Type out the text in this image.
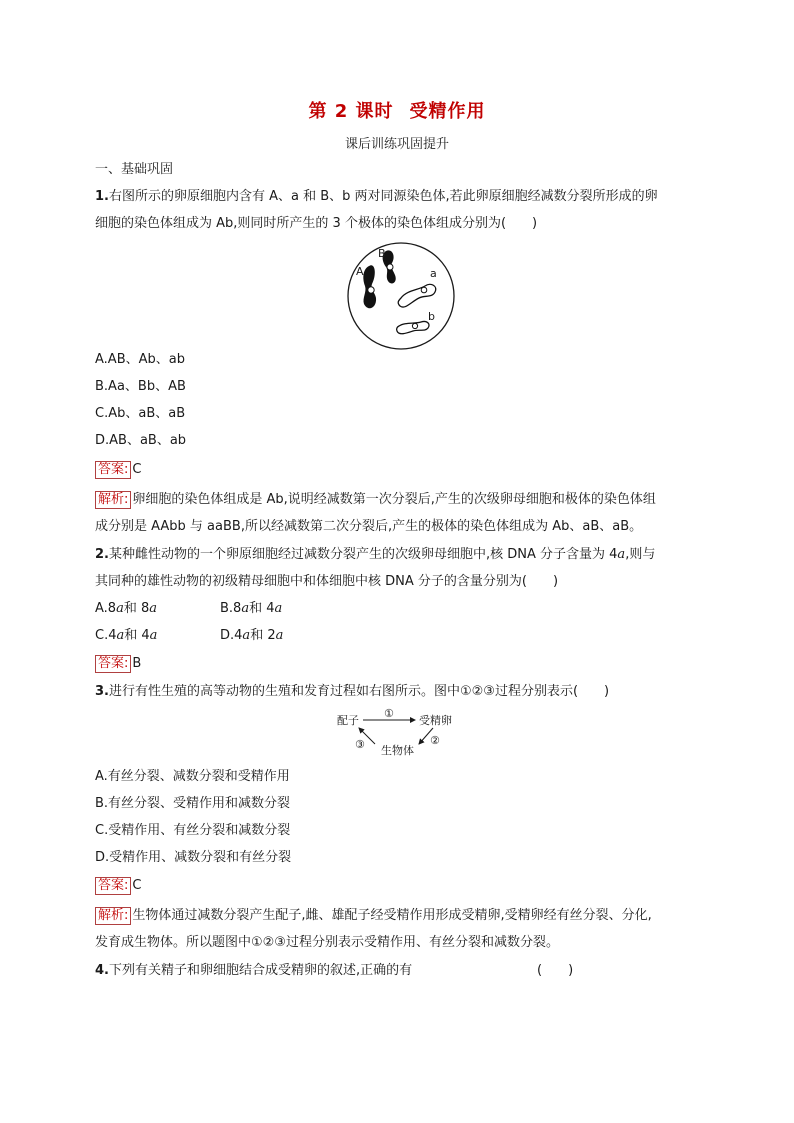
第 2 课时 受精作用
课后训练巩固提升
一、基础巩固
1.右图所示的卵原细胞内含有 A、a 和 B、b 两对同源染色体,若此卵原细胞经减数分裂所形成的卵
细胞的染色体组成为 Ab,则同时所产生的 3 个极体的染色体组成分别为(　　)
A
B
a
b
A.AB、Ab、ab
B.Aa、Bb、AB
C.Ab、aB、aB
D.AB、aB、ab
答案: C
解析: 卵细胞的染色体组成是 Ab,说明经减数第一次分裂后,产生的次级卵母细胞和极体的染色体组
成分别是 AAbb 与 aaBB,所以经减数第二次分裂后,产生的极体的染色体组成为 Ab、aB、aB。
2.某种雌性动物的一个卵原细胞经过减数分裂产生的次级卵母细胞中,核 DNA 分子含量为 4a,则与
其同种的雄性动物的初级精母细胞中和体细胞中核 DNA 分子的含量分别为(　　)
A.8a和 8a	B.8a和 4a
C.4a和 4a	D.4a和 2a
答案: B
3.进行有性生殖的高等动物的生殖和发育过程如右图所示。图中①②③过程分别表示(　　)
配子
①
受精卵
②
生物体
③
A.有丝分裂、减数分裂和受精作用
B.有丝分裂、受精作用和减数分裂
C.受精作用、有丝分裂和减数分裂
D.受精作用、减数分裂和有丝分裂
答案: C
解析: 生物体通过减数分裂产生配子,雌、雄配子经受精作用形成受精卵,受精卵经有丝分裂、分化,
发育成生物体。所以题图中①②③过程分别表示受精作用、有丝分裂和减数分裂。
4.下列有关精子和卵细胞结合成受精卵的叙述,正确的有	(　　)
